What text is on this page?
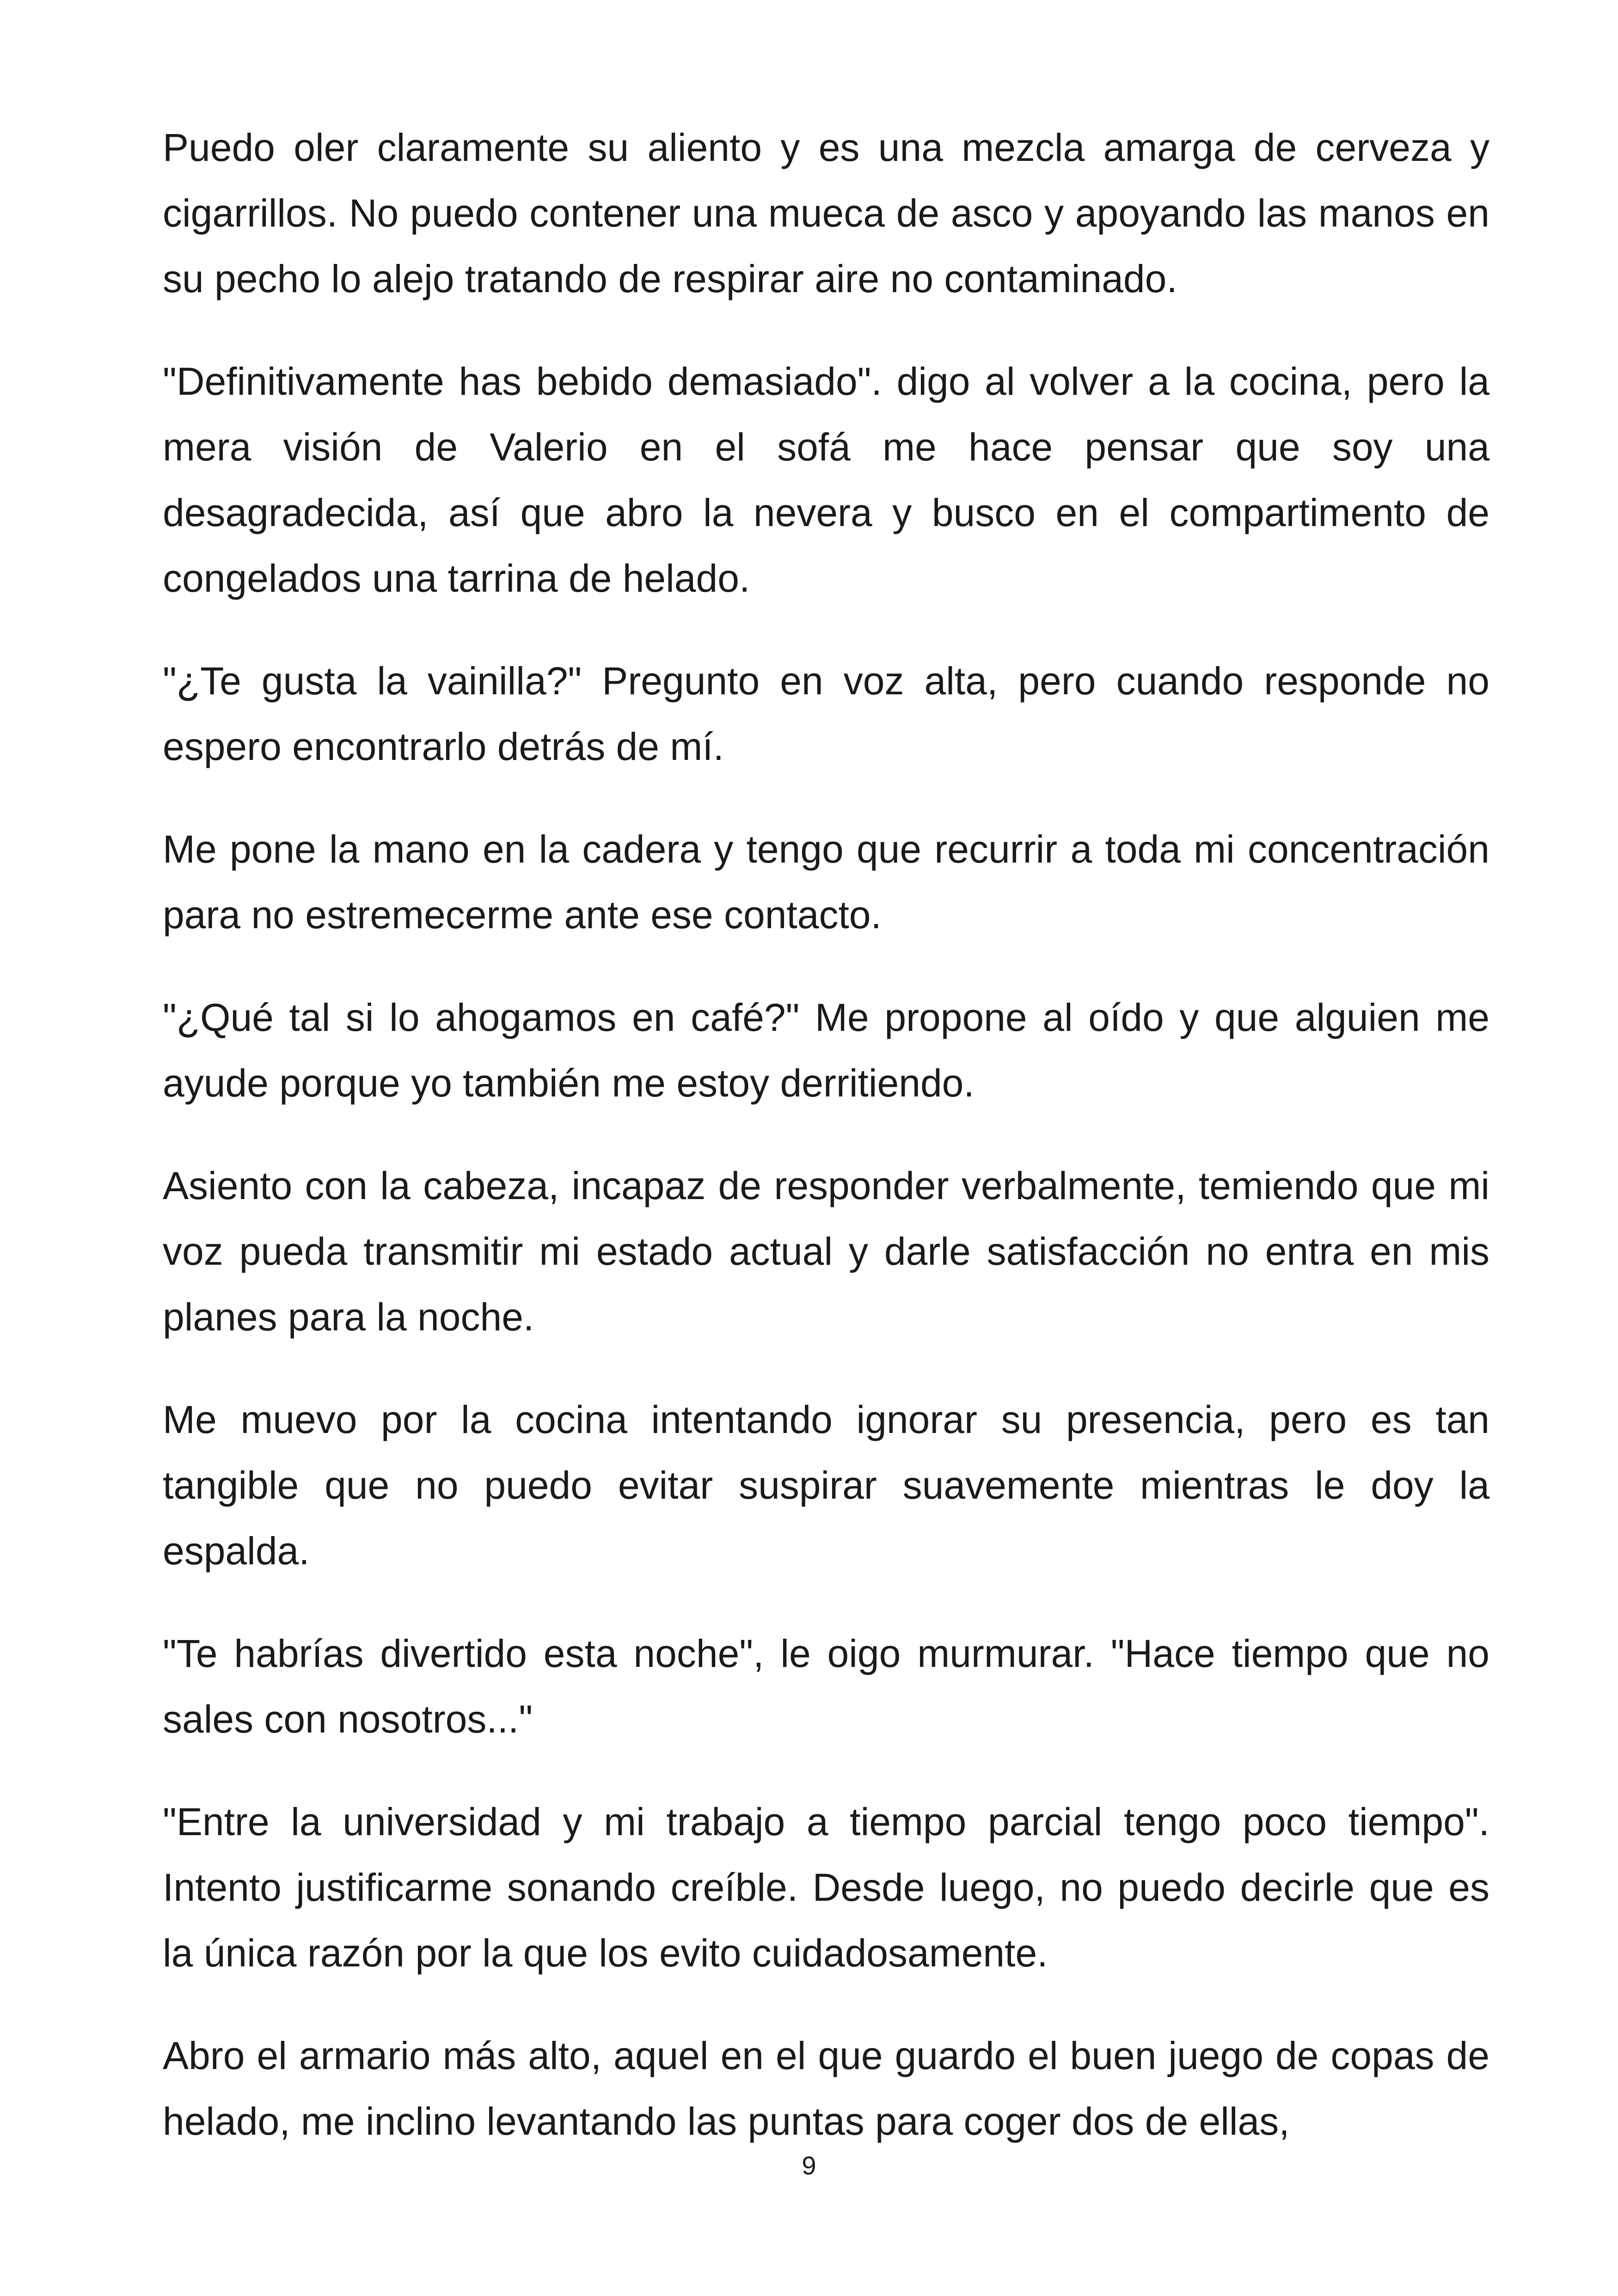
Puedo oler claramente su aliento y es una mezcla amarga de cerveza y cigarrillos. No puedo contener una mueca de asco y apoyando las manos en su pecho lo alejo tratando de respirar aire no contaminado.

"Definitivamente has bebido demasiado". digo al volver a la cocina, pero la mera visión de Valerio en el sofá me hace pensar que soy una desagradecida, así que abro la nevera y busco en el compartimento de congelados una tarrina de helado.

"¿Te gusta la vainilla?" Pregunto en voz alta, pero cuando responde no espero encontrarlo detrás de mí.

Me pone la mano en la cadera y tengo que recurrir a toda mi concentración para no estremecerme ante ese contacto.

"¿Qué tal si lo ahogamos en café?" Me propone al oído y que alguien me ayude porque yo también me estoy derritiendo.

Asiento con la cabeza, incapaz de responder verbalmente, temiendo que mi voz pueda transmitir mi estado actual y darle satisfacción no entra en mis planes para la noche.

Me muevo por la cocina intentando ignorar su presencia, pero es tan tangible que no puedo evitar suspirar suavemente mientras le doy la espalda.

"Te habrías divertido esta noche", le oigo murmurar. "Hace tiempo que no sales con nosotros..."

"Entre la universidad y mi trabajo a tiempo parcial tengo poco tiempo". Intento justificarme sonando creíble. Desde luego, no puedo decirle que es la única razón por la que los evito cuidadosamente.

Abro el armario más alto, aquel en el que guardo el buen juego de copas de helado, me inclino levantando las puntas para coger dos de ellas,

9
